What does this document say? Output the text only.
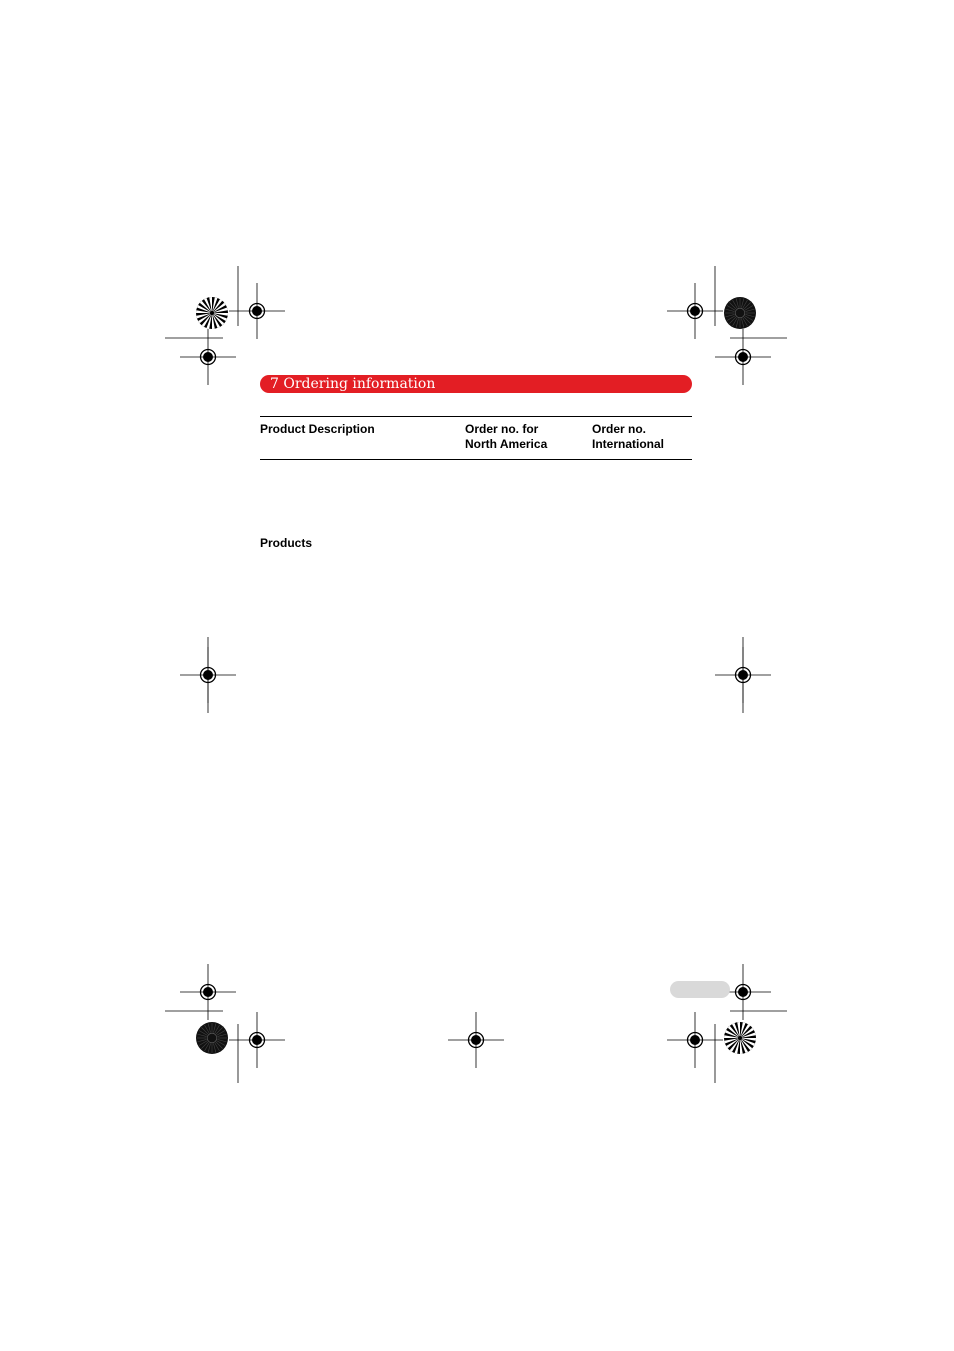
7 Ordering information
Product Description	Order no. for
North America
Order no.
International
Products
